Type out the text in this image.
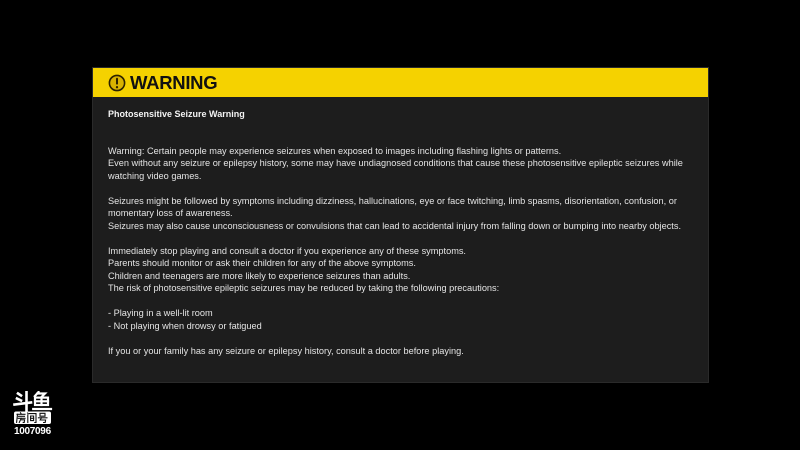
WARNING
Photosensitive Seizure Warning
Warning: Certain people may experience seizures when exposed to images including flashing lights or patterns.
Even without any seizure or epilepsy history, some may have undiagnosed conditions that cause these photosensitive epileptic seizures while
watching video games.
Seizures might be followed by symptoms including dizziness, hallucinations, eye or face twitching, limb spasms, disorientation, confusion, or
momentary loss of awareness.
Seizures may also cause unconsciousness or convulsions that can lead to accidental injury from falling down or bumping into nearby objects.
Immediately stop playing and consult a doctor if you experience any of these symptoms.
Parents should monitor or ask their children for any of the above symptoms.
Children and teenagers are more likely to experience seizures than adults.
The risk of photosensitive epileptic seizures may be reduced by taking the following precautions:
- Playing in a well-lit room
- Not playing when drowsy or fatigued
If you or your family has any seizure or epilepsy history, consult a doctor before playing.
1007096
